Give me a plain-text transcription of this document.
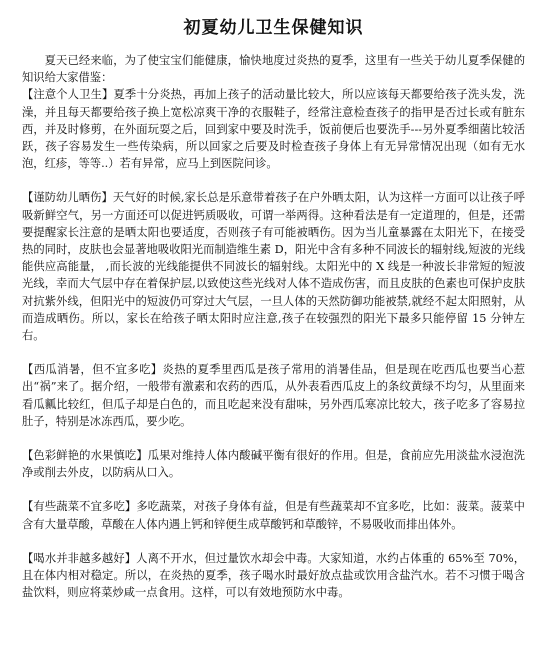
初夏幼儿卫生保健知识

夏天已经来临，为了使宝宝们能健康，愉快地度过炎热的夏季，这里有一些关于幼儿夏季保健的知识给大家借鉴：

【注意个人卫生】夏季十分炎热，再加上孩子的活动量比较大，所以应该每天都要给孩子洗头发，洗澡，并且每天都要给孩子换上宽松凉爽干净的衣服鞋子，经常注意检查孩子的指甲是否过长或有脏东西，并及时修剪，在外面玩耍之后，回到家中要及时洗手，饭前便后也要洗手---另外夏季细菌比较活跃，孩子容易发生一些传染病，所以回家之后要及时检查孩子身体上有无异常情况出现（如有无水泡，红疹，等等..）若有异常，应马上到医院问诊。

【谨防幼儿晒伤】天气好的时候,家长总是乐意带着孩子在户外晒太阳，认为这样一方面可以让孩子呼吸新鲜空气，另一方面还可以促进钙质吸收，可谓一举两得。这种看法是有一定道理的，但是，还需要提醒家长注意的是晒太阳也要适度，否则孩子有可能被晒伤。因为当儿童暴露在太阳光下，在接受热的同时，皮肤也会显著地吸收阳光而制造维生素 D，阳光中含有多种不同波长的辐射线,短波的光线能供应高能量， ,而长波的光线能提供不同波长的辐射线。太阳光中的 X 线是一种波长非常短的短波光线，幸而大气层中存在着保护层,以致使这些光线对人体不造成伤害，而且皮肤的色素也可保护皮肤对抗紫外线，但阳光中的短波仍可穿过大气层，一旦人体的天然防御功能被禁,就经不起太阳照射，从而造成晒伤。所以，家长在给孩子晒太阳时应注意,孩子在较强烈的阳光下最多只能停留 15 分钟左右。

【西瓜消暑，但不宜多吃】炎热的夏季里西瓜是孩子常用的消暑佳品，但是现在吃西瓜也要当心惹出“祸”来了。据介绍，一般带有激素和农药的西瓜，从外表看西瓜皮上的条纹黄绿不均匀，从里面来看瓜瓤比较红，但瓜子却是白色的，而且吃起来没有甜味，另外西瓜寒凉比较大，孩子吃多了容易拉肚子，特别是冰冻西瓜，要少吃。

【色彩鲜艳的水果慎吃】瓜果对维持人体内酸碱平衡有很好的作用。但是，食前应先用淡盐水浸泡洗净或削去外皮，以防病从口入。

【有些蔬菜不宜多吃】多吃蔬菜，对孩子身体有益，但是有些蔬菜却不宜多吃，比如：菠菜。菠菜中含有大量草酸，草酸在人体内遇上钙和锌便生成草酸钙和草酸锌，不易吸收而排出体外。

【喝水并非越多越好】人离不开水，但过量饮水却会中毒。大家知道，水约占体重的 65%至 70%，且在体内相对稳定。所以，在炎热的夏季，孩子喝水时最好放点盐或饮用含盐汽水。若不习惯于喝含盐饮料，则应将菜炒咸一点食用。这样，可以有效地预防水中毒。
